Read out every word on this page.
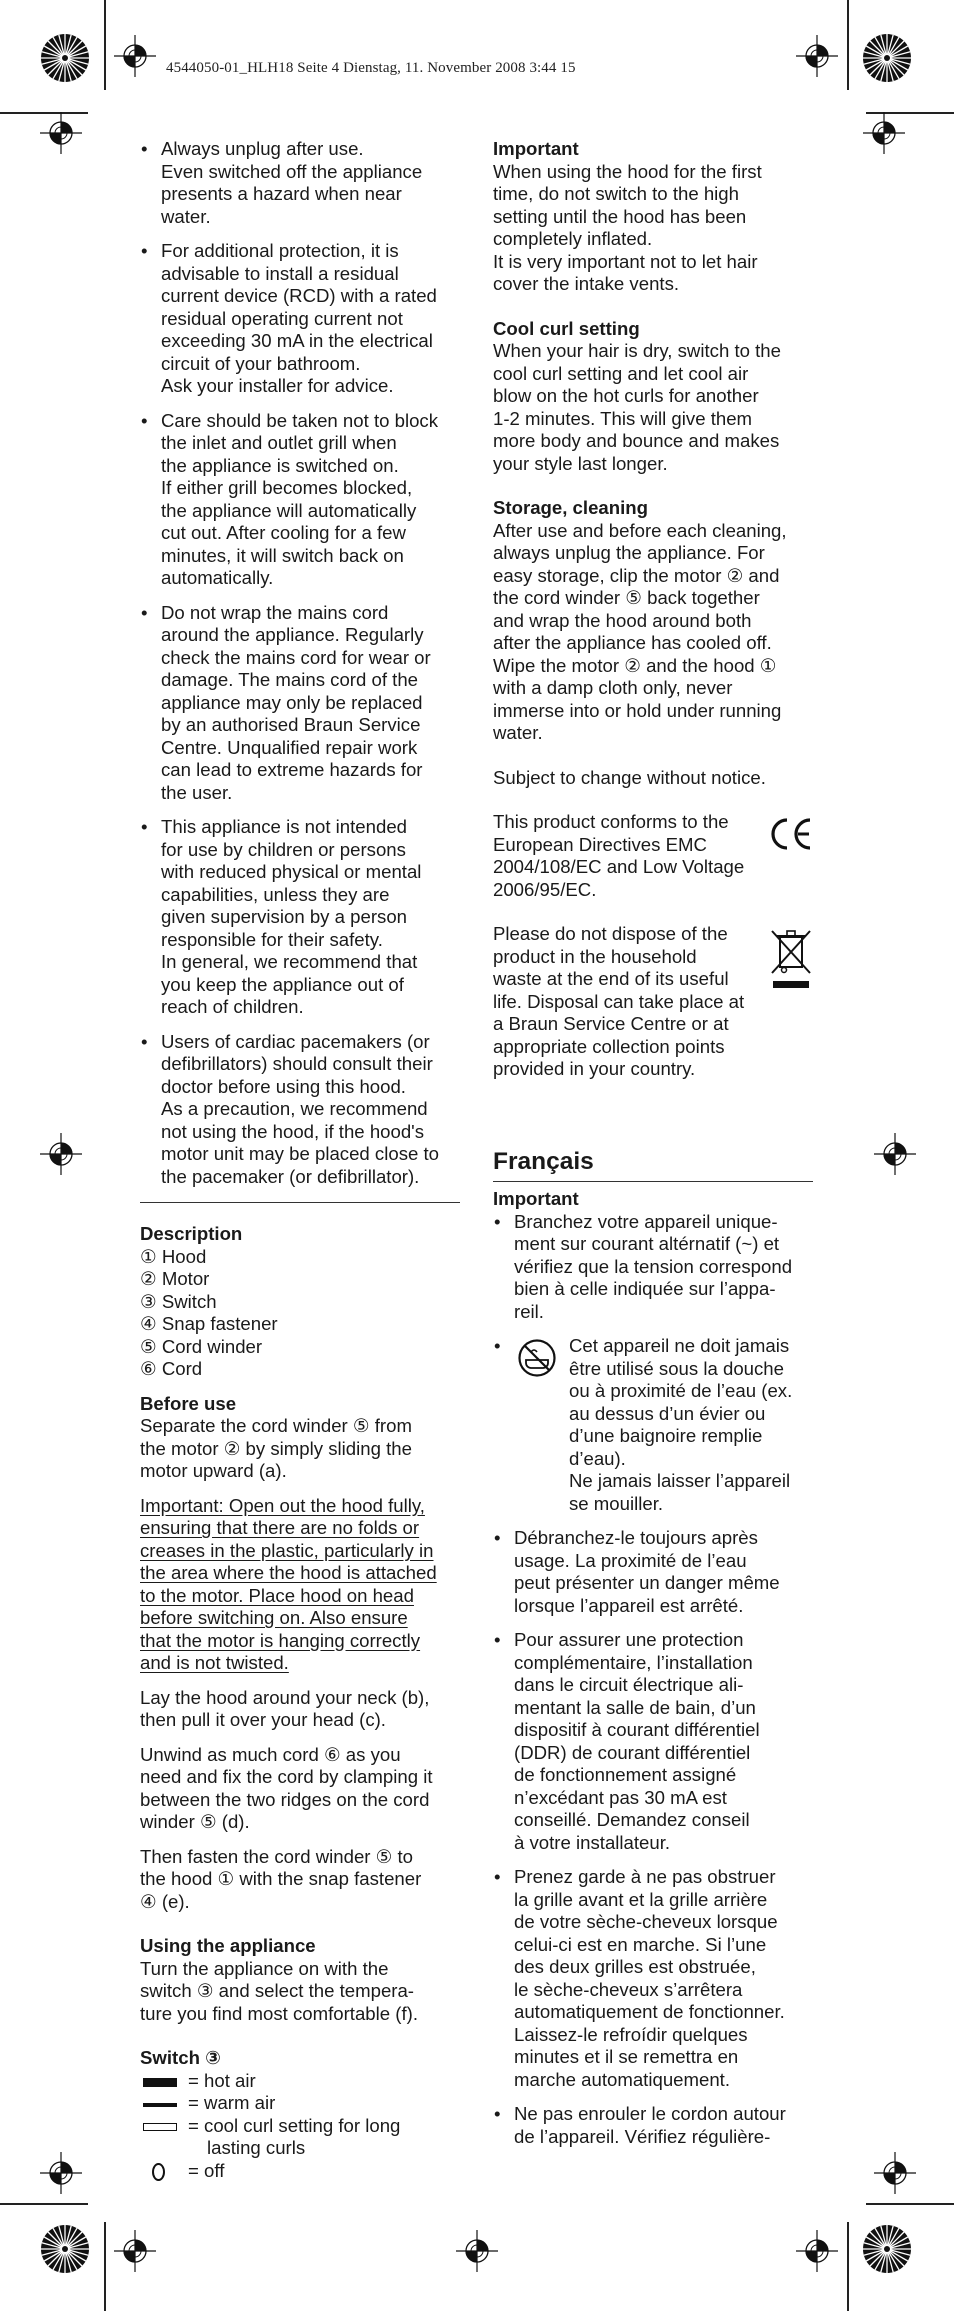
4544050-01_HLH18 Seite 4 Dienstag, 11. November 2008 3:44 15
• Always unplug after use.

Even switched off the appliance

presents a hazard when near

water.

• For additional protection, it is

advisable to install a residual

current device (RCD) with a rated

residual operating current not

exceeding 30 mA in the electrical

circuit of your bathroom.

Ask your installer for advice.

• Care should be taken not to block

the inlet and outlet grill when

the appliance is switched on.

If either grill becomes blocked,

the appliance will automatically

cut out. After cooling for a few

minutes, it will switch back on

automatically.

• Do not wrap the mains cord

around the appliance. Regularly

check the mains cord for wear or

damage. The mains cord of the

appliance may only be replaced

by an authorised Braun Service

Centre. Unqualified repair work

can lead to extreme hazards for

the user.

• This appliance is not intended

for use by children or persons

with reduced physical or mental

capabilities, unless they are

given supervision by a person

responsible for their safety.

In general, we recommend that

you keep the appliance out of

reach of children.

• Users of cardiac pacemakers (or

defibrillators) should consult their

doctor before using this hood.

As a precaution, we recommend

not using the hood, if the hood's

motor unit may be placed close to

the pacemaker (or defibrillator).

Description

① Hood

② Motor

③ Switch

④ Snap fastener

⑤ Cord winder

⑥ Cord

Before use

Separate the cord winder ⑤ from

the motor ② by simply sliding the

motor upward (a).

Important: Open out the hood fully,

ensuring that there are no folds or

creases in the plastic, particularly in

the area where the hood is attached

to the motor. Place hood on head

before switching on. Also ensure

that the motor is hanging correctly

and is not twisted.

Lay the hood around your neck (b),

then pull it over your head (c).

Unwind as much cord ⑥ as you

need and fix the cord by clamping it

between the two ridges on the cord

winder ⑤ (d).

Then fasten the cord winder ⑤ to

the hood ① with the snap fastener

④ (e).

Using the appliance

Turn the appliance on with the

switch ③ and select the tempera-

ture you find most comfortable (f).

Switch ③

= hot air
= warm air
= cool curl setting for long
lasting curls
= off

Important

When using the hood for the first

time, do not switch to the high

setting until the hood has been

completely inflated.

It is very important not to let hair

cover the intake vents.

Cool curl setting

When your hair is dry, switch to the

cool curl setting and let cool air

blow on the hot curls for another

1-2 minutes. This will give them

more body and bounce and makes

your style last longer.

Storage, cleaning

After use and before each cleaning,

always unplug the appliance. For

easy storage, clip the motor ② and

the cord winder ⑤ back together

and wrap the hood around both

after the appliance has cooled off.

Wipe the motor ② and the hood ①

with a damp cloth only, never

immerse into or hold under running

water.

Subject to change without notice.

This product conforms to the

European Directives EMC

2004/108/EC and Low Voltage

2006/95/EC.

Please do not dispose of the

product in the household

waste at the end of its useful

life. Disposal can take place at

a Braun Service Centre or at

appropriate collection points

provided in your country.

Français

Important

• Branchez votre appareil unique-

ment sur courant altérnatif (~) et

vérifiez que la tension correspond

bien à celle indiquée sur l’appa-

reil.

•	Cet appareil ne doit jamais

être utilisé sous la douche

ou à proximité de l’eau (ex.

au dessus d’un évier ou

d’une baignoire remplie

d’eau).

Ne jamais laisser l’appareil

se mouiller.

• Débranchez-le toujours après

usage. La proximité de l’eau

peut présenter un danger même

lorsque l’appareil est arrêté.

• Pour assurer une protection

complémentaire, l’installation

dans le circuit électrique ali-

mentant la salle de bain, d’un

dispositif à courant différentiel

(DDR) de courant différentiel

de fonctionnement assigné

n’excédant pas 30 mA est

conseillé. Demandez conseil

à votre installateur.

• Prenez garde à ne pas obstruer

la grille avant et la grille arrière

de votre sèche-cheveux lorsque

celui-ci est en marche. Si l’une

des deux grilles est obstruée,

le sèche-cheveux s’arrêtera

automatiquement de fonctionner.

Laissez-le refroídir quelques

minutes et il se remettra en

marche automatiquement.

• Ne pas enrouler le cordon autour

de l’appareil. Vérifiez régulière-
